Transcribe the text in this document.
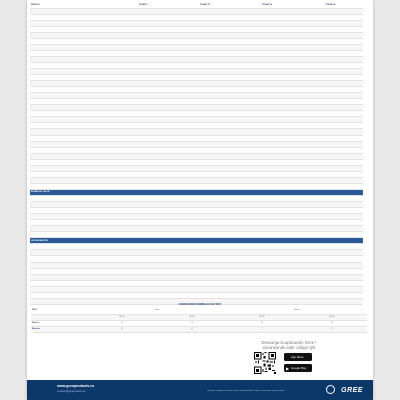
MODELO		PULAR 9	PULAR 12	PULAR 18	PULAR 24

BOMBA DE CALOR					

REFRIGERACIÓN					

CONDICIONES NOMINALES DE TEST
MODO	Interior		Exterior	
	BS (°C)	BH (°C)	BS (°C)	BH (°C)
Modo frío	27	19	35	24
Modo calor	20	15	7	6
Descarga la aplicación Gree+
escaneando este código QR
App Store
▶ Google Play
www.greeproducts.es
contacto@greeproducts.es	Las fotos e imágenes no tienen carácter contractual. Datos sujetos a variaciones sin previo aviso.	GREE
